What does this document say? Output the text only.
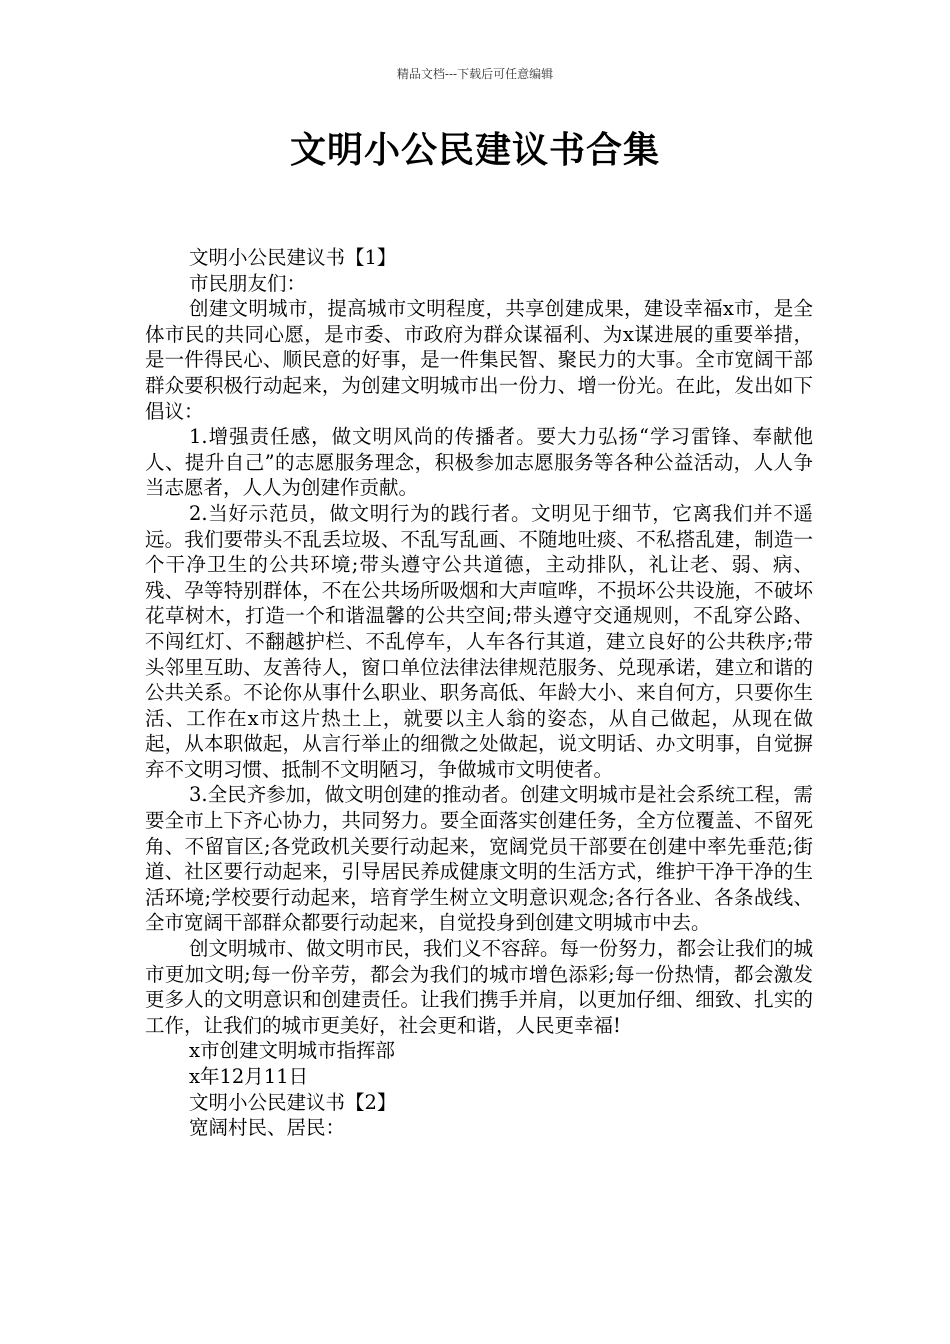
精品文档---下载后可任意编辑
文明小公民建议书合集

文明小公民建议书【1】

市民朋友们：

创建文明城市，提高城市文明程度，共享创建成果，建设幸福x市，是全体市民的共同心愿，是市委、市政府为群众谋福利、为x谋进展的重要举措，是一件得民心、顺民意的好事，是一件集民智、聚民力的大事。全市宽阔干部群众要积极行动起来，为创建文明城市出一份力、增一份光。在此，发出如下倡议：

1.增强责任感，做文明风尚的传播者。要大力弘扬“学习雷锋、奉献他人、提升自己”的志愿服务理念，积极参加志愿服务等各种公益活动，人人争当志愿者，人人为创建作贡献。

2.当好示范员，做文明行为的践行者。文明见于细节，它离我们并不遥远。我们要带头不乱丢垃圾、不乱写乱画、不随地吐痰、不私搭乱建，制造一个干净卫生的公共环境;带头遵守公共道德，主动排队，礼让老、弱、病、残、孕等特别群体，不在公共场所吸烟和大声喧哗，不损坏公共设施，不破坏花草树木，打造一个和谐温馨的公共空间;带头遵守交通规则，不乱穿公路、不闯红灯、不翻越护栏、不乱停车，人车各行其道，建立良好的公共秩序;带头邻里互助、友善待人，窗口单位法律法律规范服务、兑现承诺，建立和谐的公共关系。不论你从事什么职业、职务高低、年龄大小、来自何方，只要你生活、工作在x市这片热土上，就要以主人翁的姿态，从自己做起，从现在做起，从本职做起，从言行举止的细微之处做起，说文明话、办文明事，自觉摒弃不文明习惯、抵制不文明陋习，争做城市文明使者。

3.全民齐参加，做文明创建的推动者。创建文明城市是社会系统工程，需要全市上下齐心协力，共同努力。要全面落实创建任务，全方位覆盖、不留死角、不留盲区;各党政机关要行动起来，宽阔党员干部要在创建中率先垂范;街道、社区要行动起来，引导居民养成健康文明的生活方式，维护干净干净的生活环境;学校要行动起来，培育学生树立文明意识观念;各行各业、各条战线、全市宽阔干部群众都要行动起来，自觉投身到创建文明城市中去。

创文明城市、做文明市民，我们义不容辞。每一份努力，都会让我们的城市更加文明;每一份辛劳，都会为我们的城市增色添彩;每一份热情，都会激发更多人的文明意识和创建责任。让我们携手并肩，以更加仔细、细致、扎实的工作，让我们的城市更美好，社会更和谐，人民更幸福!

x市创建文明城市指挥部

x年12月11日

文明小公民建议书【2】

宽阔村民、居民：
